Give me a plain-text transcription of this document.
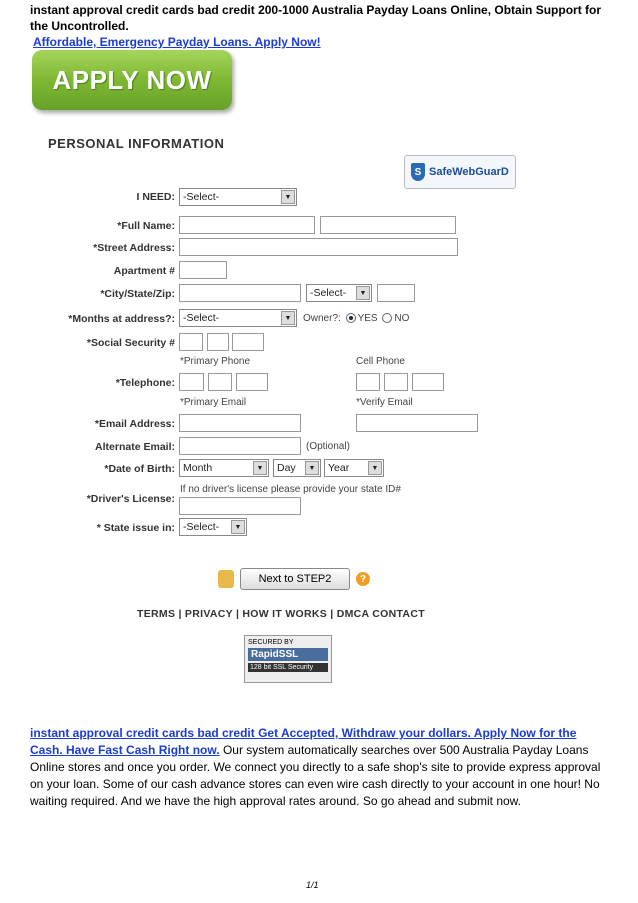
instant approval credit cards bad credit 200-1000 Australia Payday Loans Online, Obtain Support for the Uncontrolled.
Affordable, Emergency Payday Loans. Apply Now!
APPLY NOW
PERSONAL INFORMATION
S SafeWebGuarD
I NEED: -Select-	▼
*Full Name:
*Street Address:
Apartment #
*City/State/Zip:	-Select-	▼
*Months at address?: -Select-	▼	Owner?: YES NO
*Social Security #
*Primary Phone	Cell Phone
*Telephone:
*Primary Email	*Verify Email
*Email Address:
Alternate Email:	(Optional)
*Date of Birth: Month	▼	Day	▼	Year	▼
If no driver's license please provide your state ID#
*Driver's License:
* State issue in: -Select-	▼
Next to STEP2	?
TERMS | PRIVACY | HOW IT WORKS | DMCA CONTACT
SECURED BY
RapidSSL
128 bit SSL Security
instant approval credit cards bad credit Get Accepted, Withdraw your dollars. Apply Now for the Cash. Have Fast Cash Right now. Our system automatically searches over 500 Australia Payday Loans Online stores and once you order. We connect you directly to a safe shop's site to provide express approval on your loan. Some of our cash advance stores can even wire cash directly to your account in one hour! No waiting required. And we have the high approval rates around. So go ahead and submit now.
1/1
